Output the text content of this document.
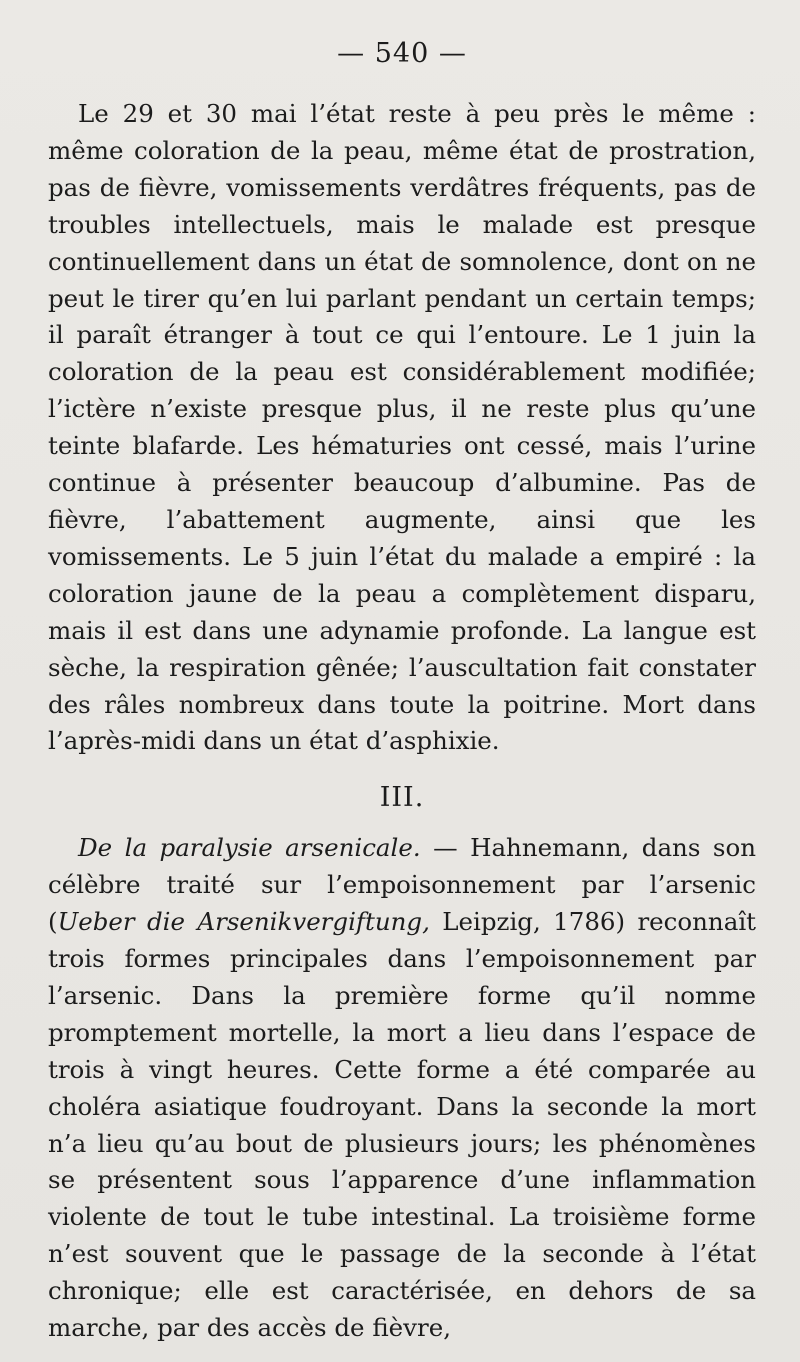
— 540 —

Le 29 et 30 mai l’état reste à peu près le même : même coloration de la peau, même état de prostration, pas de fièvre, vomissements verdâtres fréquents, pas de troubles intellectuels, mais le malade est presque continuellement dans un état de somnolence, dont on ne peut le tirer qu’en lui parlant pendant un certain temps; il paraît étranger à tout ce qui l’entoure. Le 1 juin la coloration de la peau est considérablement modifiée; l’ictère n’existe presque plus, il ne reste plus qu’une teinte blafarde. Les hématuries ont cessé, mais l’urine continue à présenter beaucoup d’albumine. Pas de fièvre, l’abattement augmente, ainsi que les vomissements. Le 5 juin l’état du malade a empiré : la coloration jaune de la peau a complètement disparu, mais il est dans une adynamie profonde. La langue est sèche, la respiration gênée; l’auscultation fait constater des râles nombreux dans toute la poitrine. Mort dans l’après-midi dans un état d’asphixie.

III.

De la paralysie arsenicale. — Hahnemann, dans son célèbre traité sur l’empoisonnement par l’arsenic (Ueber die Arsenikvergiftung, Leipzig, 1786) reconnaît trois formes principales dans l’empoisonnement par l’arsenic. Dans la première forme qu’il nomme promptement mortelle, la mort a lieu dans l’espace de trois à vingt heures. Cette forme a été comparée au choléra asiatique foudroyant. Dans la seconde la mort n’a lieu qu’au bout de plusieurs jours; les phénomènes se présentent sous l’apparence d’une inflammation violente de tout le tube intestinal. La troisième forme n’est souvent que le passage de la seconde à l’état chronique; elle est caractérisée, en dehors de sa marche, par des accès de fièvre,
